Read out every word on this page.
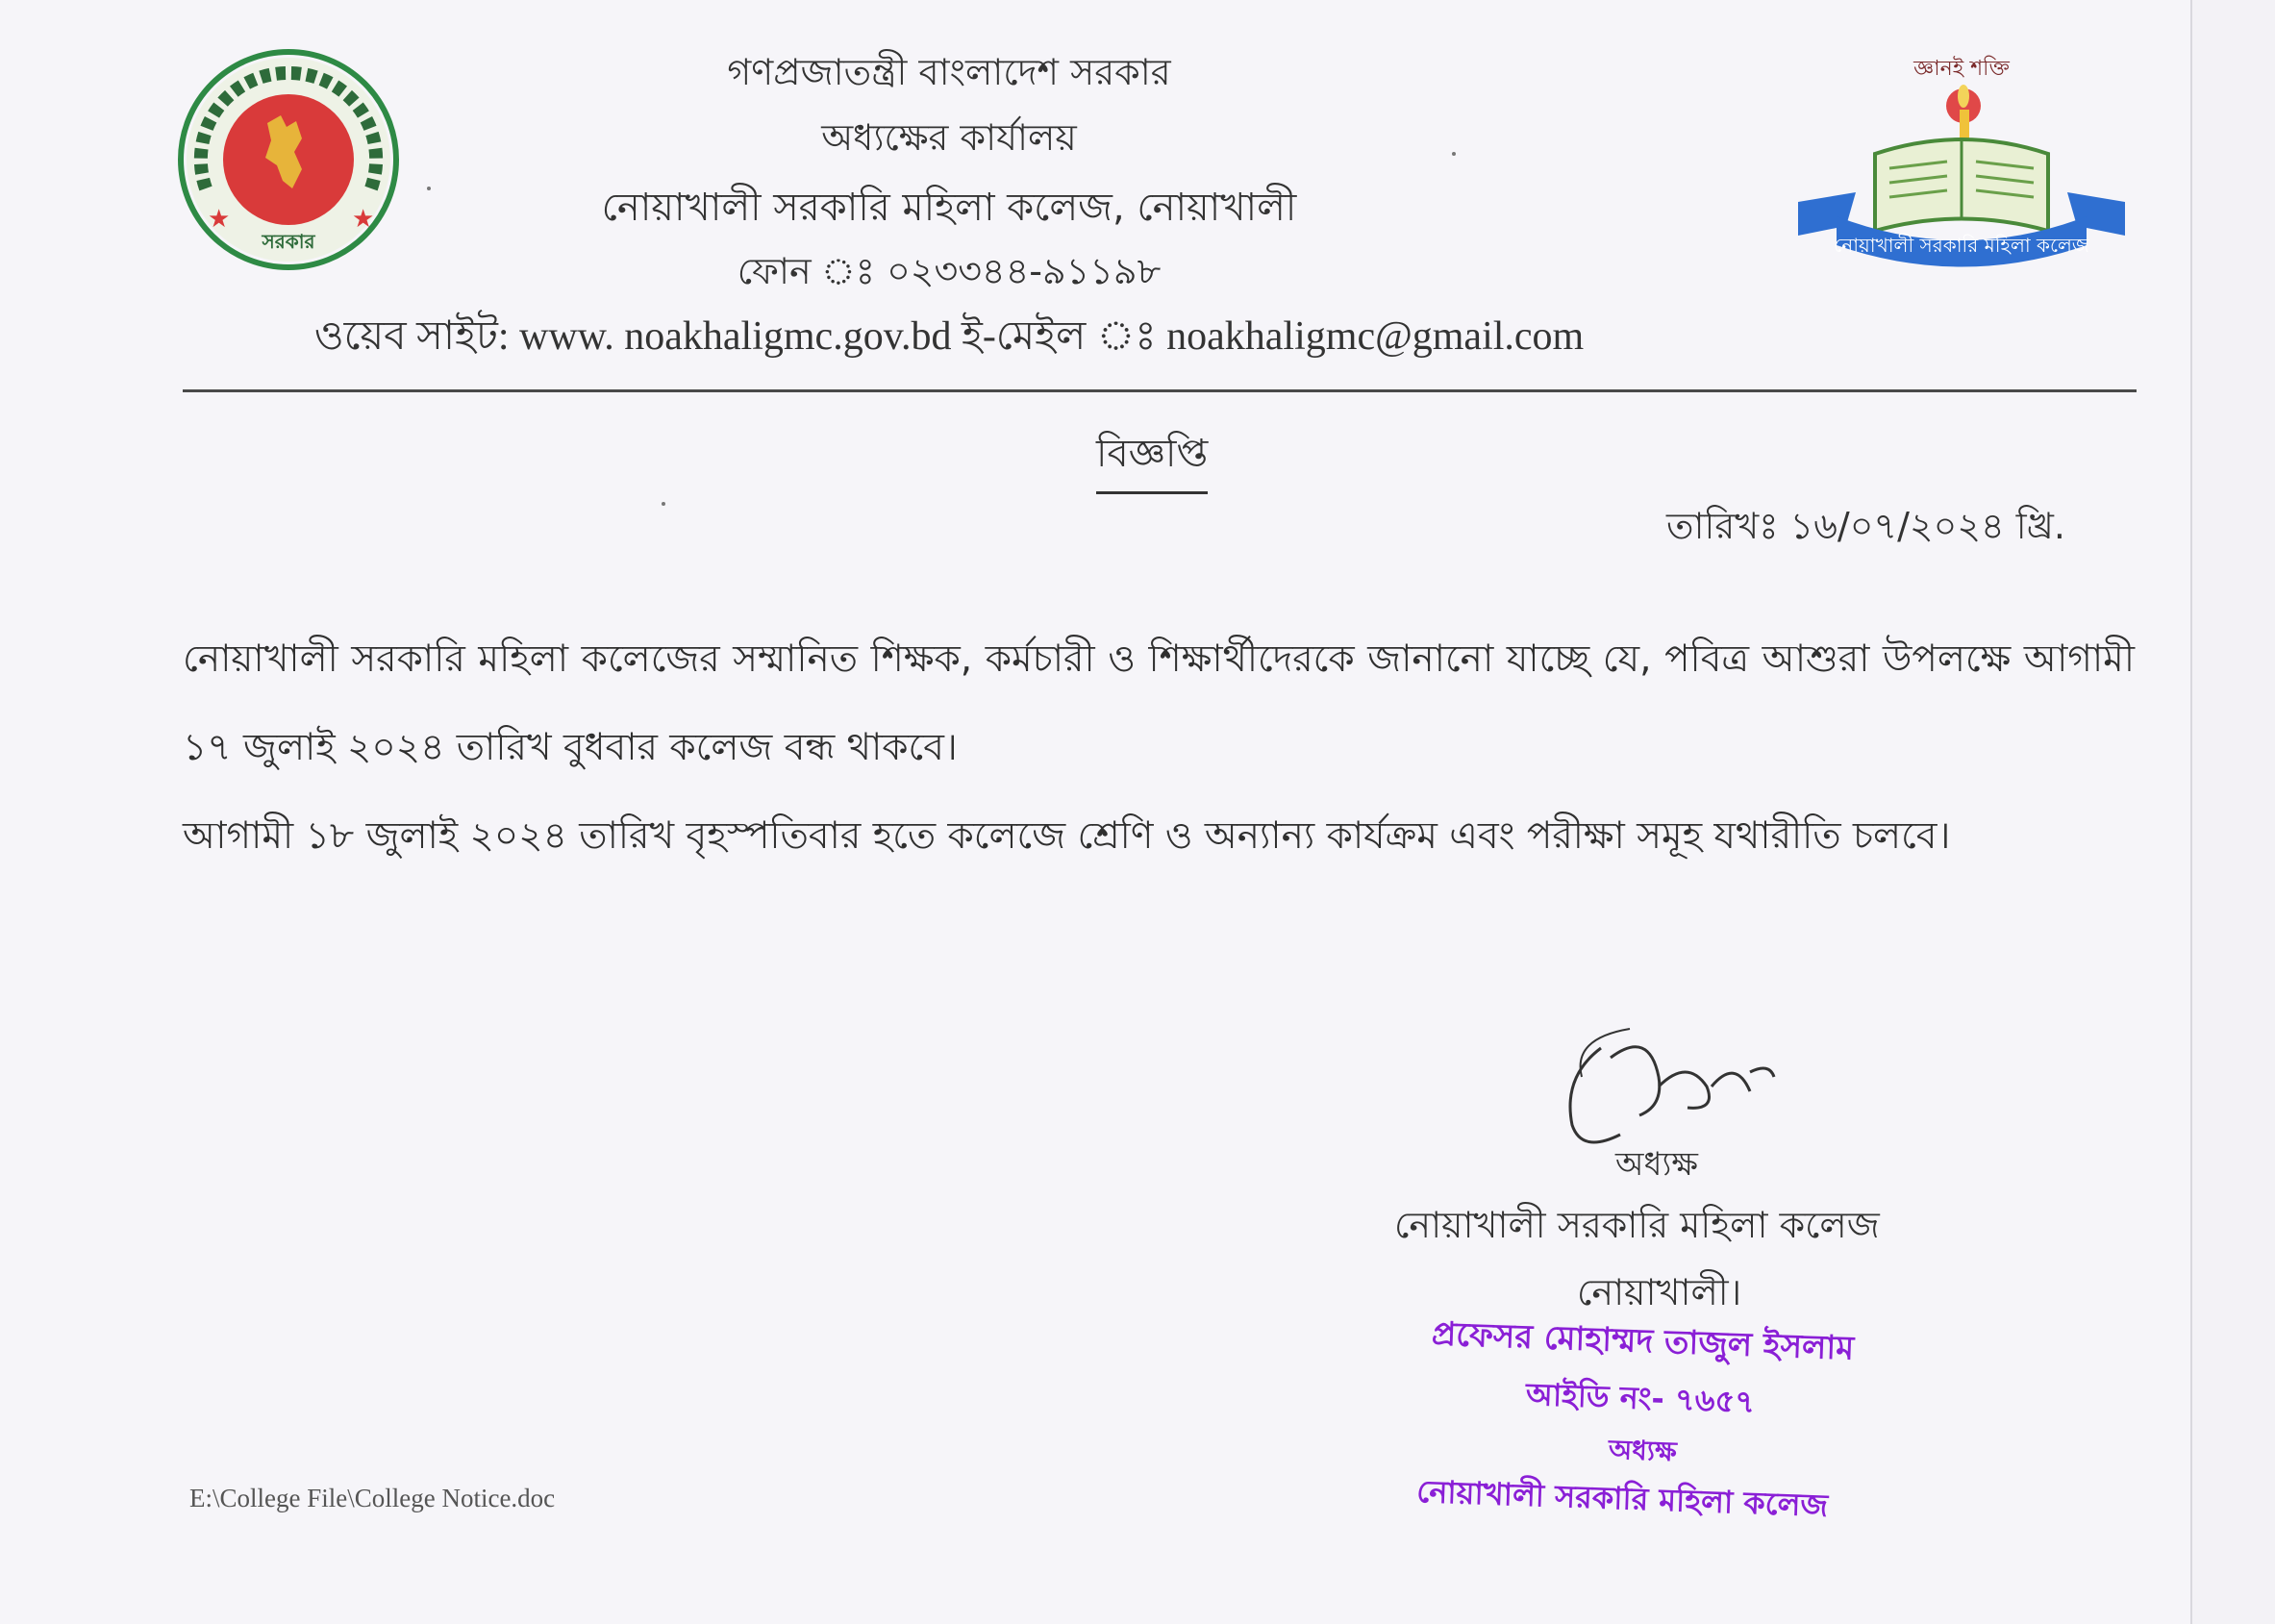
সরকার
★	★
জ্ঞানই শক্তি
নোয়াখালী সরকারি মহিলা কলেজ
গণপ্রজাতন্ত্রী বাংলাদেশ সরকার
অধ্যক্ষের কার্যালয়
নোয়াখালী সরকারি মহিলা কলেজ, নোয়াখালী
ফোন ঃ ০২৩৩৪৪-৯১১৯৮
ওয়েব সাইট: www. noakhaligmc.gov.bd ই-মেইল ঃ noakhaligmc@gmail.com
বিজ্ঞপ্তি
তারিখঃ ১৬/০৭/২০২৪ খ্রি.

নোয়াখালী সরকারি মহিলা কলেজের সম্মানিত শিক্ষক, কর্মচারী ও শিক্ষার্থীদেরকে জানানো যাচ্ছে যে, পবিত্র আশুরা উপলক্ষে আগামী ১৭ জুলাই ২০২৪ তারিখ বুধবার কলেজ বন্ধ থাকবে।

আগামী ১৮ জুলাই ২০২৪ তারিখ বৃহস্পতিবার হতে কলেজে শ্রেণি ও অন্যান্য কার্যক্রম এবং পরীক্ষা সমূহ যথারীতি চলবে।

অধ্যক্ষ
নোয়াখালী সরকারি মহিলা কলেজ
নোয়াখালী।
প্রফেসর মোহাম্মদ তাজুল ইসলাম
আইডি নং- ৭৬৫৭
অধ্যক্ষ
নোয়াখালী সরকারি মহিলা কলেজ
E:\College File\College Notice.doc
